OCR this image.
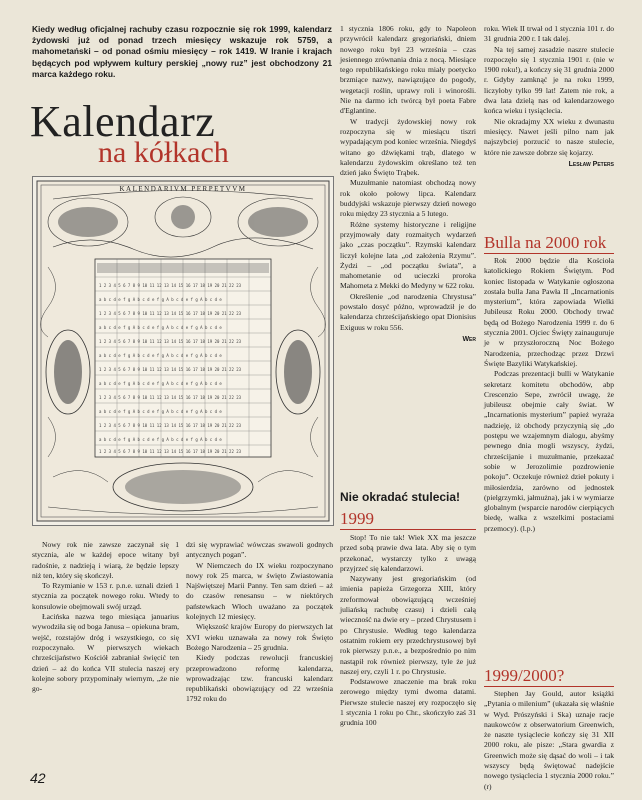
Kiedy według oficjalnej rachuby czasu rozpocznie się rok 1999, kalendarz żydowski już od ponad trzech miesięcy wskazuje rok 5759, a mahometański – od ponad ośmiu miesięcy – rok 1419. W Iranie i krajach będących pod wpływem kultury perskiej „nowy ruz” jest obchodzony 21 marca każdego roku.
Kalendarz
na kółkach
KALENDARIVM PERPETVVM
1 2 3 4 5 6 7 8 9 10 11 12 13 14 15 16 17 18 19 20 21 22 23
a b c d e f g A b c d e f g A b c d e f g A b c d e
1 2 3 4 5 6 7 8 9 10 11 12 13 14 15 16 17 18 19 20 21 22 23
a b c d e f g A b c d e f g A b c d e f g A b c d e
1 2 3 4 5 6 7 8 9 10 11 12 13 14 15 16 17 18 19 20 21 22 23
a b c d e f g A b c d e f g A b c d e f g A b c d e
1 2 3 4 5 6 7 8 9 10 11 12 13 14 15 16 17 18 19 20 21 22 23
a b c d e f g A b c d e f g A b c d e f g A b c d e
1 2 3 4 5 6 7 8 9 10 11 12 13 14 15 16 17 18 19 20 21 22 23
a b c d e f g A b c d e f g A b c d e f g A b c d e
1 2 3 4 5 6 7 8 9 10 11 12 13 14 15 16 17 18 19 20 21 22 23
a b c d e f g A b c d e f g A b c d e f g A b c d e
1 2 3 4 5 6 7 8 9 10 11 12 13 14 15 16 17 18 19 20 21 22 23

Nowy rok nie zawsze zaczynał się 1 stycznia, ale w każdej epoce witany był radośnie, z nadzieją i wiarą, że będzie lepszy niż ten, który się skończył.

To Rzymianie w 153 r. p.n.e. uznali dzień 1 stycznia za początek nowego roku. Wtedy to konsulowie obejmowali swój urząd.

Łacińska nazwa tego miesiąca januarius wywodziła się od boga Janusa – opiekuna bram, wejść, rozstajów dróg i wszystkiego, co się rozpoczynało. W pierwszych wiekach chrześcijaństwo Kościół zabraniał święcić ten dzień – aż do końca VII stulecia naszej ery kolejne sobory przypominały wiernym, „że nie go-

dzi się wyprawiać wówczas swawoli godnych antycznych pogan”.

W Niemczech do IX wieku rozpoczynano nowy rok 25 marca, w święto Zwiastowania Najświętszej Marii Panny. Ten sam dzień – aż do czasów renesansu – w niektórych państewkach Włoch uważano za początek kolejnych 12 miesięcy.

Większość krajów Europy do pierwszych lat XVI wieku uznawała za nowy rok Święto Bożego Narodzenia – 25 grudnia.

Kiedy podczas rewolucji francuskiej przeprowadzono reformę kalendarza, wprowadzając tzw. francuski kalendarz republikański obowiązujący od 22 września 1792 roku do

1 stycznia 1806 roku, gdy to Napoleon przywrócił kalendarz gregoriański, dniem nowego roku był 23 września – czas jesiennego zrównania dnia z nocą. Miesiące tego republikańskiego roku miały poetycko brzmiące nazwy, nawiązujące do pogody, wegetacji roślin, uprawy roli i winorośli. Nie na darmo ich twórcą był poeta Fabre d'Eglantine.

W tradycji żydowskiej nowy rok rozpoczyna się w miesiącu tiszri wypadającym pod koniec września. Niegdyś witano go dźwiękami trąb, dlatego w kalendarzu żydowskim określano też ten dzień jako Święto Trąbek.

Muzułmanie natomiast obchodzą nowy rok około połowy lipca. Kalendarz buddyjski wskazuje pierwszy dzień nowego roku między 23 stycznia a 5 lutego.

Różne systemy historyczne i religijne przyjmowały daty rozmaitych wydarzeń jako „czas początku”. Rzymski kalendarz liczył kolejne lata „od założenia Rzymu”. Żydzi – „od początku świata”, a mahometanie od ucieczki proroka Mahometa z Mekki do Medyny w 622 roku.

Określenie „od narodzenia Chrystusa” powstało dosyć późno, wprowadził je do kalendarza chrześcijańskiego opat Dionisius Exiguus w roku 556.

Wer
Nie okradać stulecia!
1999

Stop! To nie tak! Wiek XX ma jeszcze przed sobą prawie dwa lata. Aby się o tym przekonać, wystarczy tylko z uwagą przyjrzeć się kalendarzowi.

Nazywany jest gregoriańskim (od imienia papieża Grzegorza XIII, który zreformował obowiązującą wcześniej juliańską rachubę czasu) i dzieli całą wieczność na dwie ery – przed Chrystusem i po Chrystusie. Według tego kalendarza ostatnim rokiem ery przedchrystusowej był rok pierwszy p.n.e., a bezpośrednio po nim nastąpił rok również pierwszy, tyle że już naszej ery, czyli 1 r. po Chrystusie.

Podstawowe znaczenie ma brak roku zerowego między tymi dwoma datami. Pierwsze stulecie naszej ery rozpoczęło się 1 stycznia 1 roku po Chr., skończyło zaś 31 grudnia 100

roku. Wiek II trwał od 1 stycznia 101 r. do 31 grudnia 200 r. I tak dalej.

Na tej samej zasadzie naszre stulecie rozpoczęło się 1 stycznia 1901 r. (nie w 1900 roku!), a kończy się 31 grudnia 2000 r. Gdyby zamknąć je na roku 1999, liczyłoby tylko 99 lat! Zatem nie rok, a dwa lata dzielą nas od kalendarzowego końca wieku i tysiąclecia.

Nie okradajmy XX wieku z dwunastu miesięcy. Nawet jeśli pilno nam jak najszybciej porzucić to nasze stulecie, które nie zawsze dobrze się kojarzy.

Lesław Peters
Bulla na 2000 rok

Rok 2000 będzie dla Kościoła katolickiego Rokiem Świętym. Pod koniec listopada w Watykanie ogłoszona została bulla Jana Pawła II „Incarnationis mysterium”, która zapowiada Wielki Jubileusz Roku 2000. Obchody trwać będą od Bożego Narodzenia 1999 r. do 6 stycznia 2001. Ojciec Święty zainauguruje je w przyszłoroczną Noc Bożego Narodzenia, przechodząc przez Drzwi Święte Bazyliki Watykańskiej.

Podczas prezentacji bulli w Watykanie sekretarz komitetu obchodów, abp Crescenzio Sepe, zwrócił uwagę, że jubileusz obejmie cały świat. W „Incarnationis mysterium” papież wyraża nadzieję, iż obchody przyczynią się „do postępu we wzajemnym dialogu, abyśmy pewnego dnia mogli wszyscy, żydzi, chrześcijanie i muzułmanie, przekazać sobie w Jerozolimie pozdrowienie pokoju”. Oczekuje również dzieł pokuty i miłosierdzia, zarówno od jednostek (pielgrzymki, jałmużna), jak i w wymiarze globalnym (wsparcie narodów cierpiących biedę, walka z wszelkimi postaciami przemocy). (l.p.)

1999/2000?

Stephen Jay Gould, autor książki „Pytania o milenium” (ukazała się właśnie w Wyd. Prószyński i Ska) uznaje racje naukowców z obserwatorium Greenwich, że naszte tysiąclecie kończy się 31 XII 2000 roku, ale pisze: „Stara gwardia z Greenwich może się dąsać do woli – i tak wszyscy będą świętować nadejście nowego tysiąclecia 1 stycznia 2000 roku.” (r)

42
